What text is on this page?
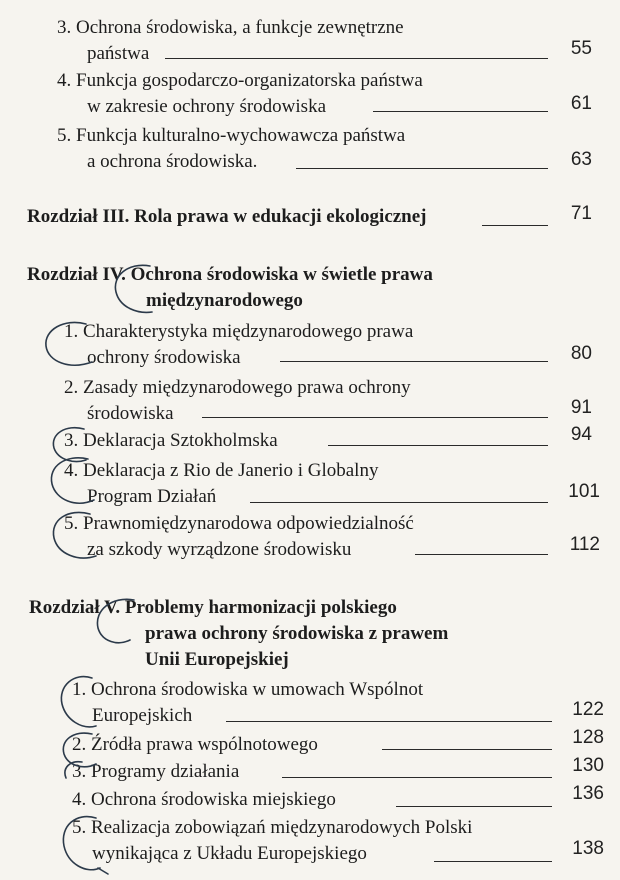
3. Ochrona środowiska, a funkcje zewnętrzne
państwa	55
4. Funkcja gospodarczo-organizatorska państwa
w zakresie ochrony środowiska	61
5. Funkcja kulturalno-wychowawcza państwa
a ochrona środowiska.	63
Rozdział III. Rola prawa w edukacji ekologicznej	71
Rozdział IV. Ochrona środowiska w świetle prawa
międzynarodowego
1. Charakterystyka międzynarodowego prawa
ochrony środowiska	80
2. Zasady międzynarodowego prawa ochrony
środowiska	91
3. Deklaracja Sztokholmska	94
4. Deklaracja z Rio de Janerio i Globalny
Program Działań	101
5. Prawnomiędzynarodowa odpowiedzialność
za szkody wyrządzone środowisku	112
Rozdział V. Problemy harmonizacji polskiego
prawa ochrony środowiska z prawem
Unii Europejskiej
1. Ochrona środowiska w umowach Wspólnot
Europejskich	122
2. Źródła prawa wspólnotowego	128
3. Programy działania	130
4. Ochrona środowiska miejskiego	136
5. Realizacja zobowiązań międzynarodowych Polski
wynikająca z Układu Europejskiego	138
